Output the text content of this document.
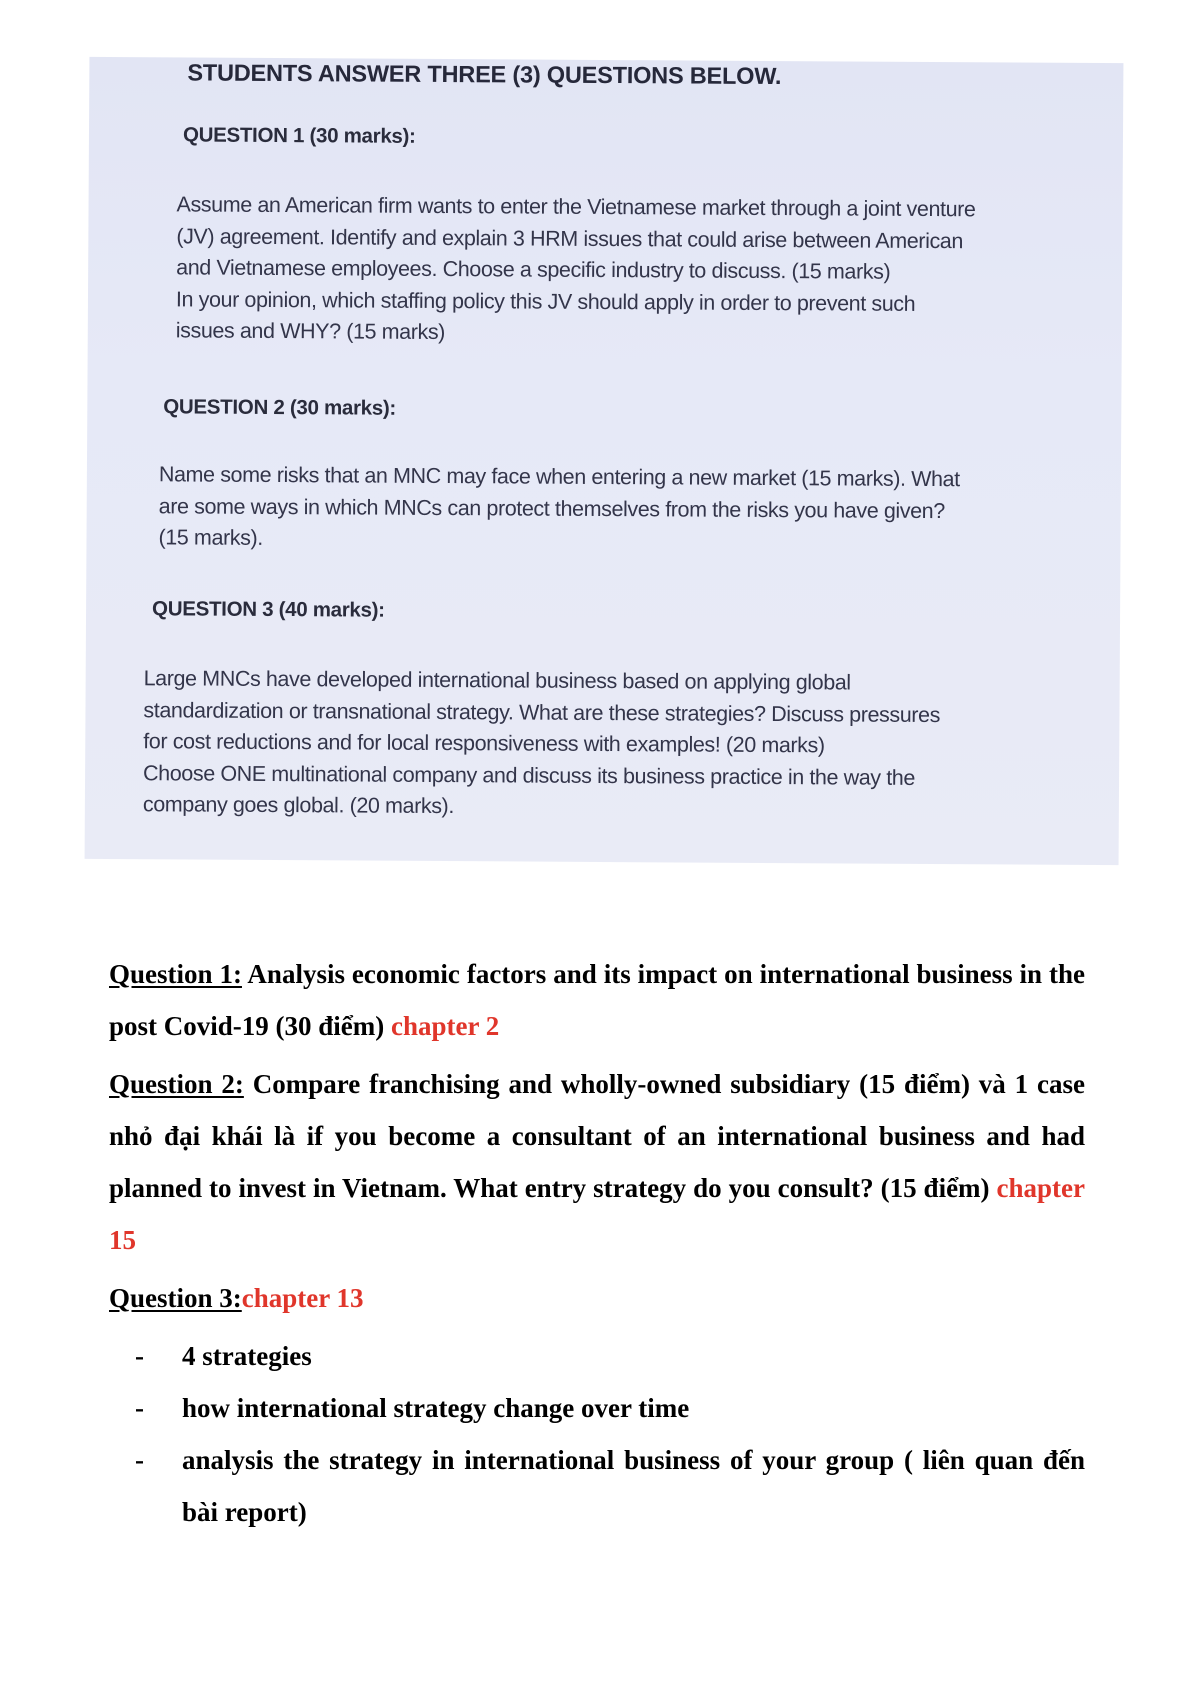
STUDENTS ANSWER THREE (3) QUESTIONS BELOW.
QUESTION 1 (30 marks):
Assume an American firm wants to enter the Vietnamese market through a joint venture
(JV) agreement. Identify and explain 3 HRM issues that could arise between American
and Vietnamese employees. Choose a specific industry to discuss. (15 marks)
In your opinion, which staffing policy this JV should apply in order to prevent such
issues and WHY? (15 marks)
QUESTION 2 (30 marks):
Name some risks that an MNC may face when entering a new market (15 marks). What
are some ways in which MNCs can protect themselves from the risks you have given?
(15 marks).
QUESTION 3 (40 marks):
Large MNCs have developed international business based on applying global
standardization or transnational strategy. What are these strategies? Discuss pressures
for cost reductions and for local responsiveness with examples! (20 marks)
Choose ONE multinational company and discuss its business practice in the way the
company goes global. (20 marks).

Question 1: Analysis economic factors and its impact on international business in the post Covid-19 (30 điểm) chapter 2

Question 2: Compare franchising and wholly-owned subsidiary (15 điểm) và 1 case nhỏ đại khái là if you become a consultant of an international business and had planned to invest in Vietnam. What entry strategy do you consult? (15 điểm) chapter 15

Question 3:chapter 13

- 4 strategies
- how international strategy change over time
- analysis the strategy in international business of your group ( liên quan đến bài report)
